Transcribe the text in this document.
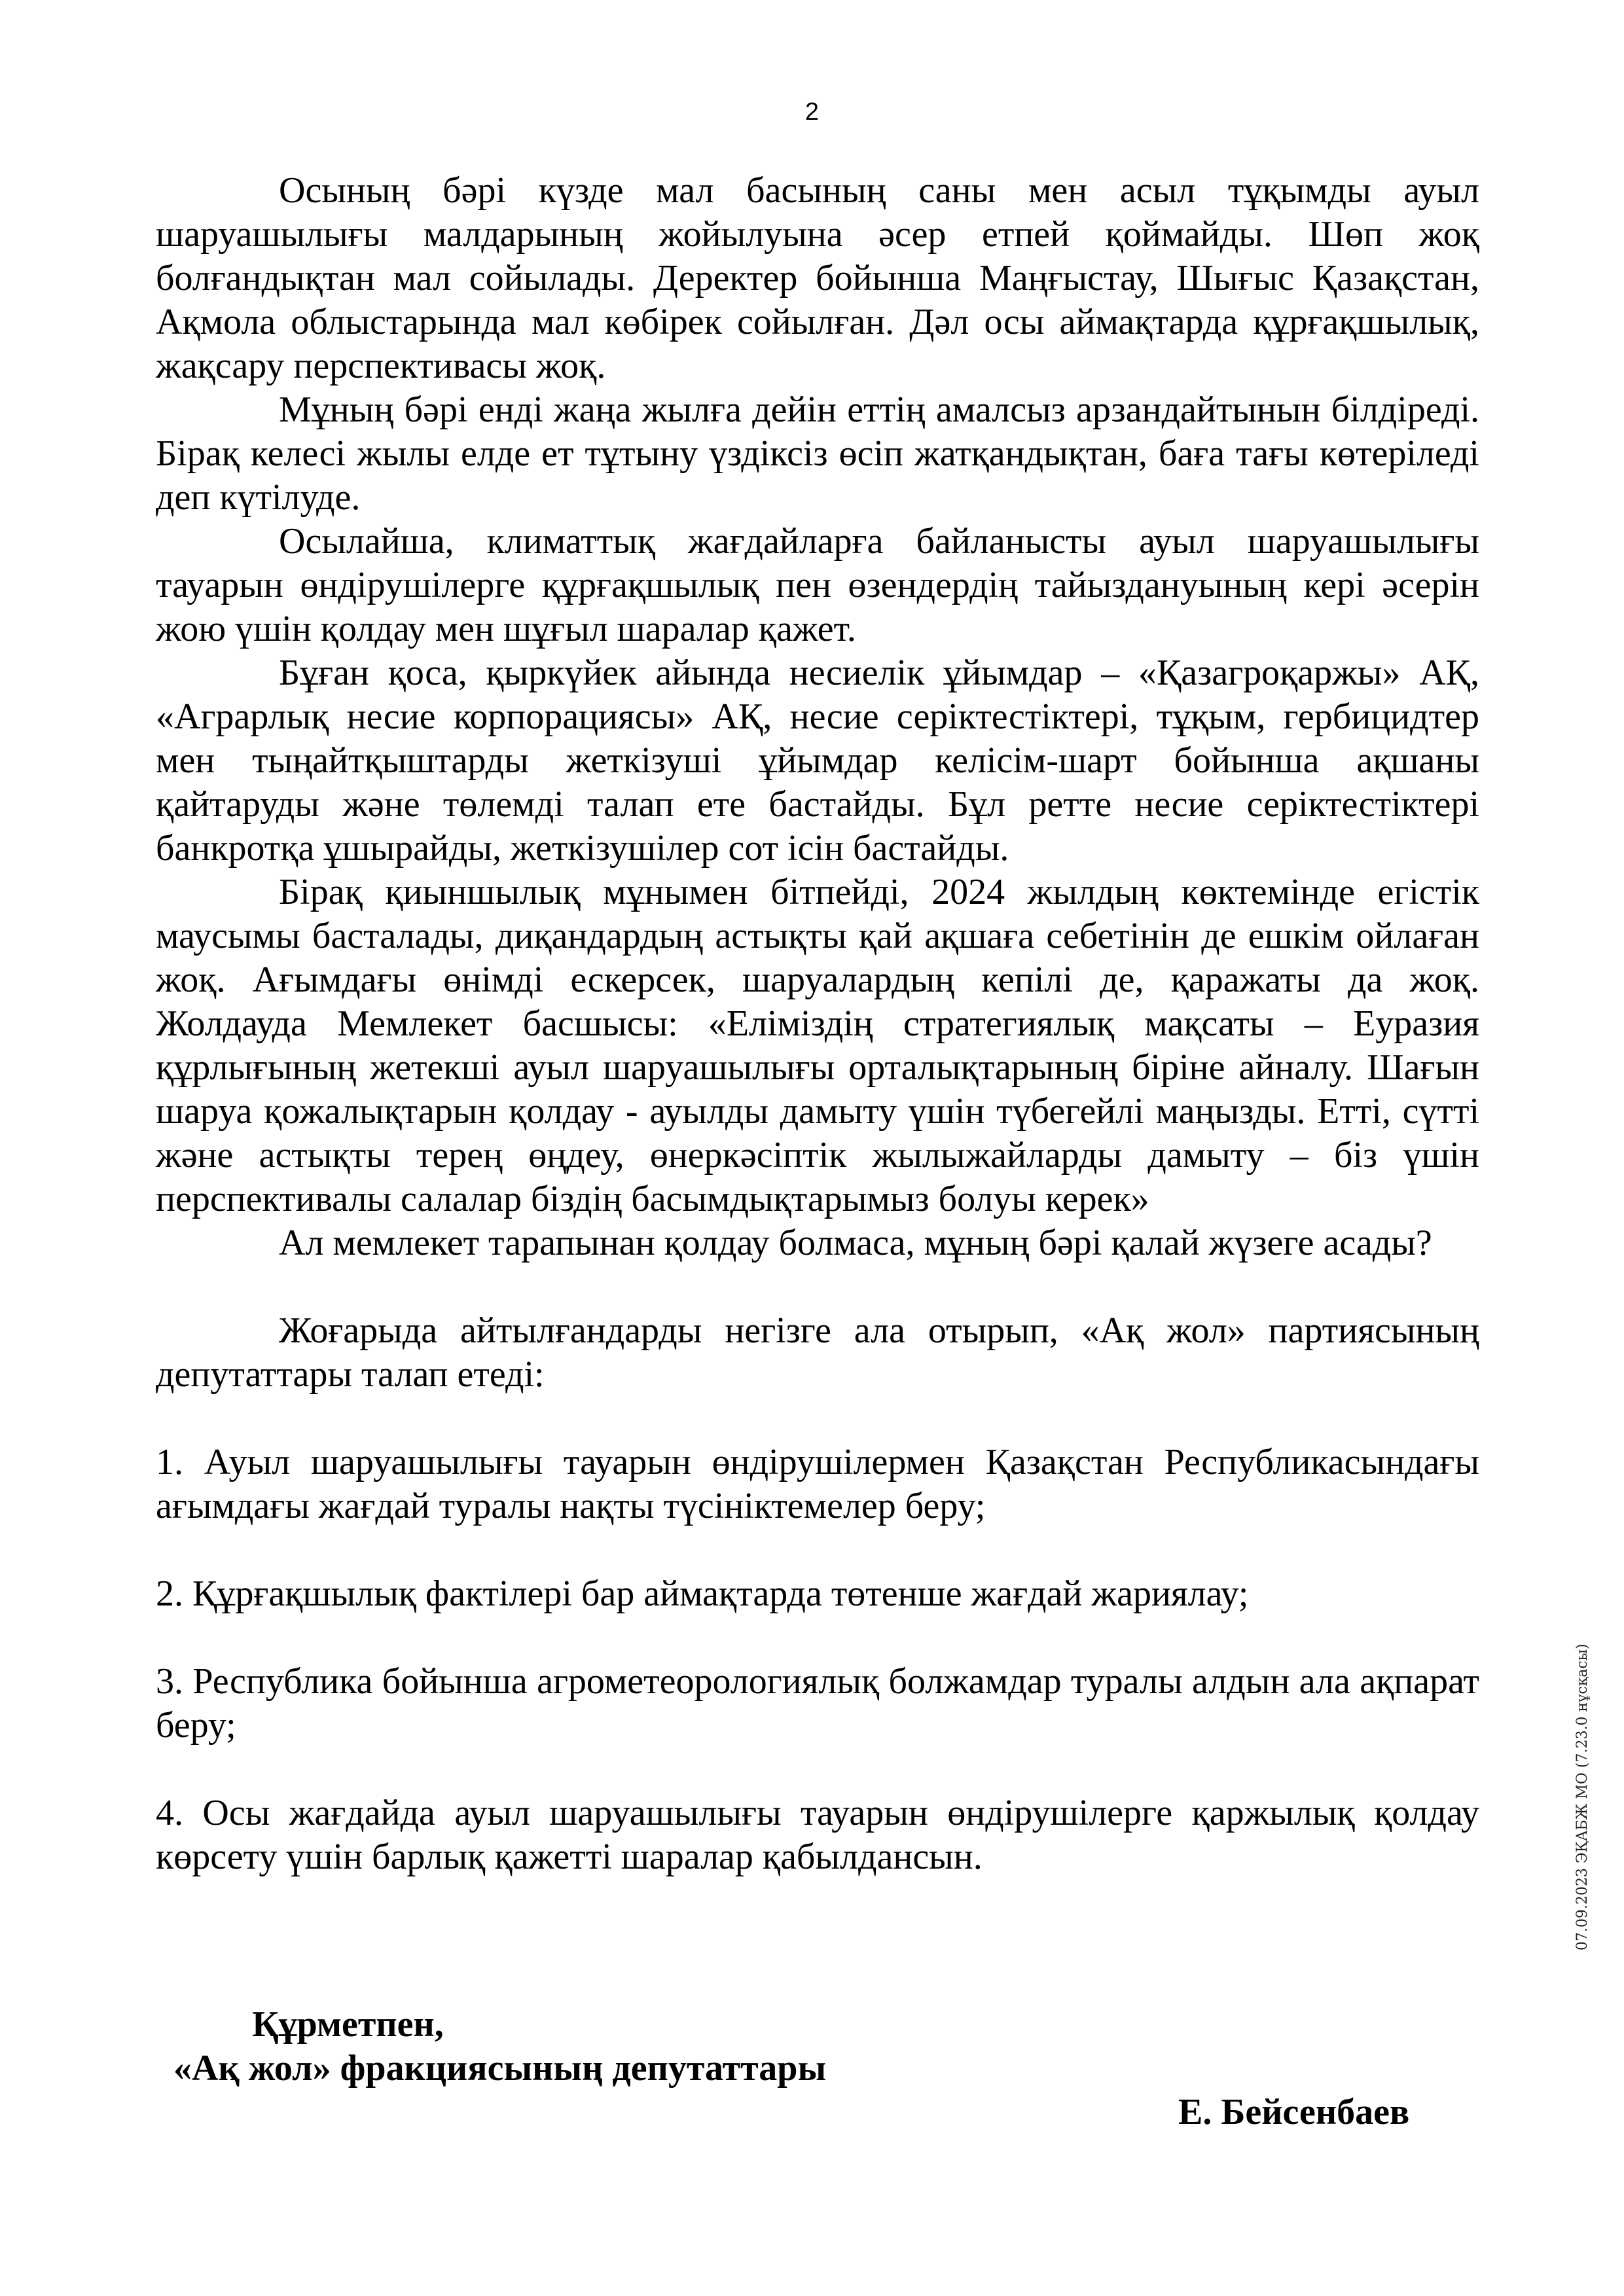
2

Осының бәрі күзде мал басының саны мен асыл тұқымды ауыл шаруашылығы малдарының жойылуына әсер етпей қоймайды. Шөп жоқ болғандықтан мал сойылады. Деректер бойынша Маңғыстау, Шығыс Қазақстан, Ақмола облыстарында мал көбірек сойылған. Дәл осы аймақтарда құрғақшылық, жақсару перспективасы жоқ.

Мұның бәрі енді жаңа жылға дейін еттің амалсыз арзандайтынын білдіреді. Бірақ келесі жылы елде ет тұтыну үздіксіз өсіп жатқандықтан, баға тағы көтеріледі деп күтілуде.

Осылайша, климаттық жағдайларға байланысты ауыл шаруашылығы тауарын өндірушілерге құрғақшылық пен өзендердің тайыздануының кері әсерін жою үшін қолдау мен шұғыл шаралар қажет.

Бұған қоса, қыркүйек айында несиелік ұйымдар – «Қазагроқаржы» АҚ, «Аграрлық несие корпорациясы» АҚ, несие серіктестіктері, тұқым, гербицидтер мен тыңайтқыштарды жеткізуші ұйымдар келісім-шарт бойынша ақшаны қайтаруды және төлемді талап ете бастайды. Бұл ретте несие серіктестіктері банкротқа ұшырайды, жеткізушілер сот ісін бастайды.

Бірақ қиыншылық мұнымен бітпейді, 2024 жылдың көктемінде егістік маусымы басталады, диқандардың астықты қай ақшаға себетінін де ешкім ойлаған жоқ. Ағымдағы өнімді ескерсек, шаруалардың кепілі де, қаражаты да жоқ. Жолдауда Мемлекет басшысы: «Еліміздің стратегиялық мақсаты – Еуразия құрлығының жетекші ауыл шаруашылығы орталықтарының біріне айналу. Шағын шаруа қожалықтарын қолдау - ауылды дамыту үшін түбегейлі маңызды. Етті, сүтті және астықты терең өңдеу, өнеркәсіптік жылыжайларды дамыту – біз үшін перспективалы салалар біздің басымдықтарымыз болуы керек»

Ал мемлекет тарапынан қолдау болмаса, мұның бәрі қалай жүзеге асады?

Жоғарыда айтылғандарды негізге ала отырып, «Ақ жол» партиясының депутаттары талап етеді:

1. Ауыл шаруашылығы тауарын өндірушілермен Қазақстан Республикасындағы ағымдағы жағдай туралы нақты түсініктемелер беру;

2. Құрғақшылық фактілері бар аймақтарда төтенше жағдай жариялау;

3. Республика бойынша агрометеорологиялық болжамдар туралы алдын ала ақпарат беру;

4. Осы жағдайда ауыл шаруашылығы тауарын өндірушілерге қаржылық қолдау көрсету үшін барлық қажетті шаралар қабылдансын.

Құрметпен,
«Ақ жол» фракциясының депутаттары
Е. Бейсенбаев
07.09.2023 ЭҚАБЖ МО (7.23.0 нұсқасы)
